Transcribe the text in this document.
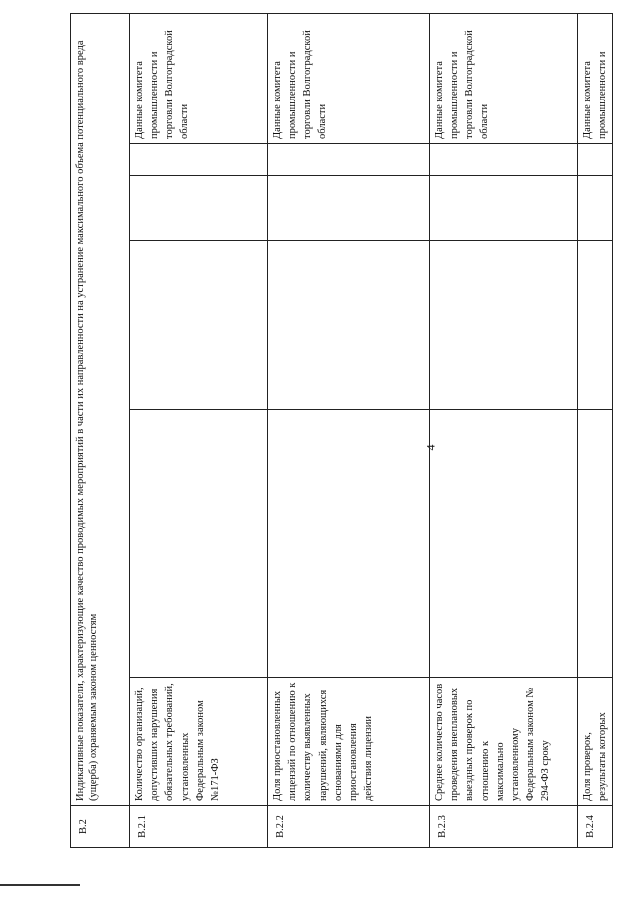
4
В.2	Индикативные показатели, характеризующие качество проводимых мероприятий в части их направленности на устранение максимального объема потенциального вреда (ущерба) охраняемым законом ценностям					
В.2.1	Количество организаций, допустивших нарушения обязательных требований, установленных Федеральным законом №171-ФЗ					Данные комитета промышленности и торговли Волгоградской области
В.2.2	Доля приостановленных лицензий по отношению к количеству выявленных нарушений, являющихся основаниями для приостановления действия лицензии					Данные комитета промышленности и торговли Волгоградской области
В.2.3	Среднее количество часов проведения внеплановых выездных проверок по отношению к максимально установленному Федеральным законом № 294-ФЗ сроку					Данные комитета промышленности и торговли Волгоградской области
В.2.4	Доля проверок, результаты которых					Данные комитета промышленности и
